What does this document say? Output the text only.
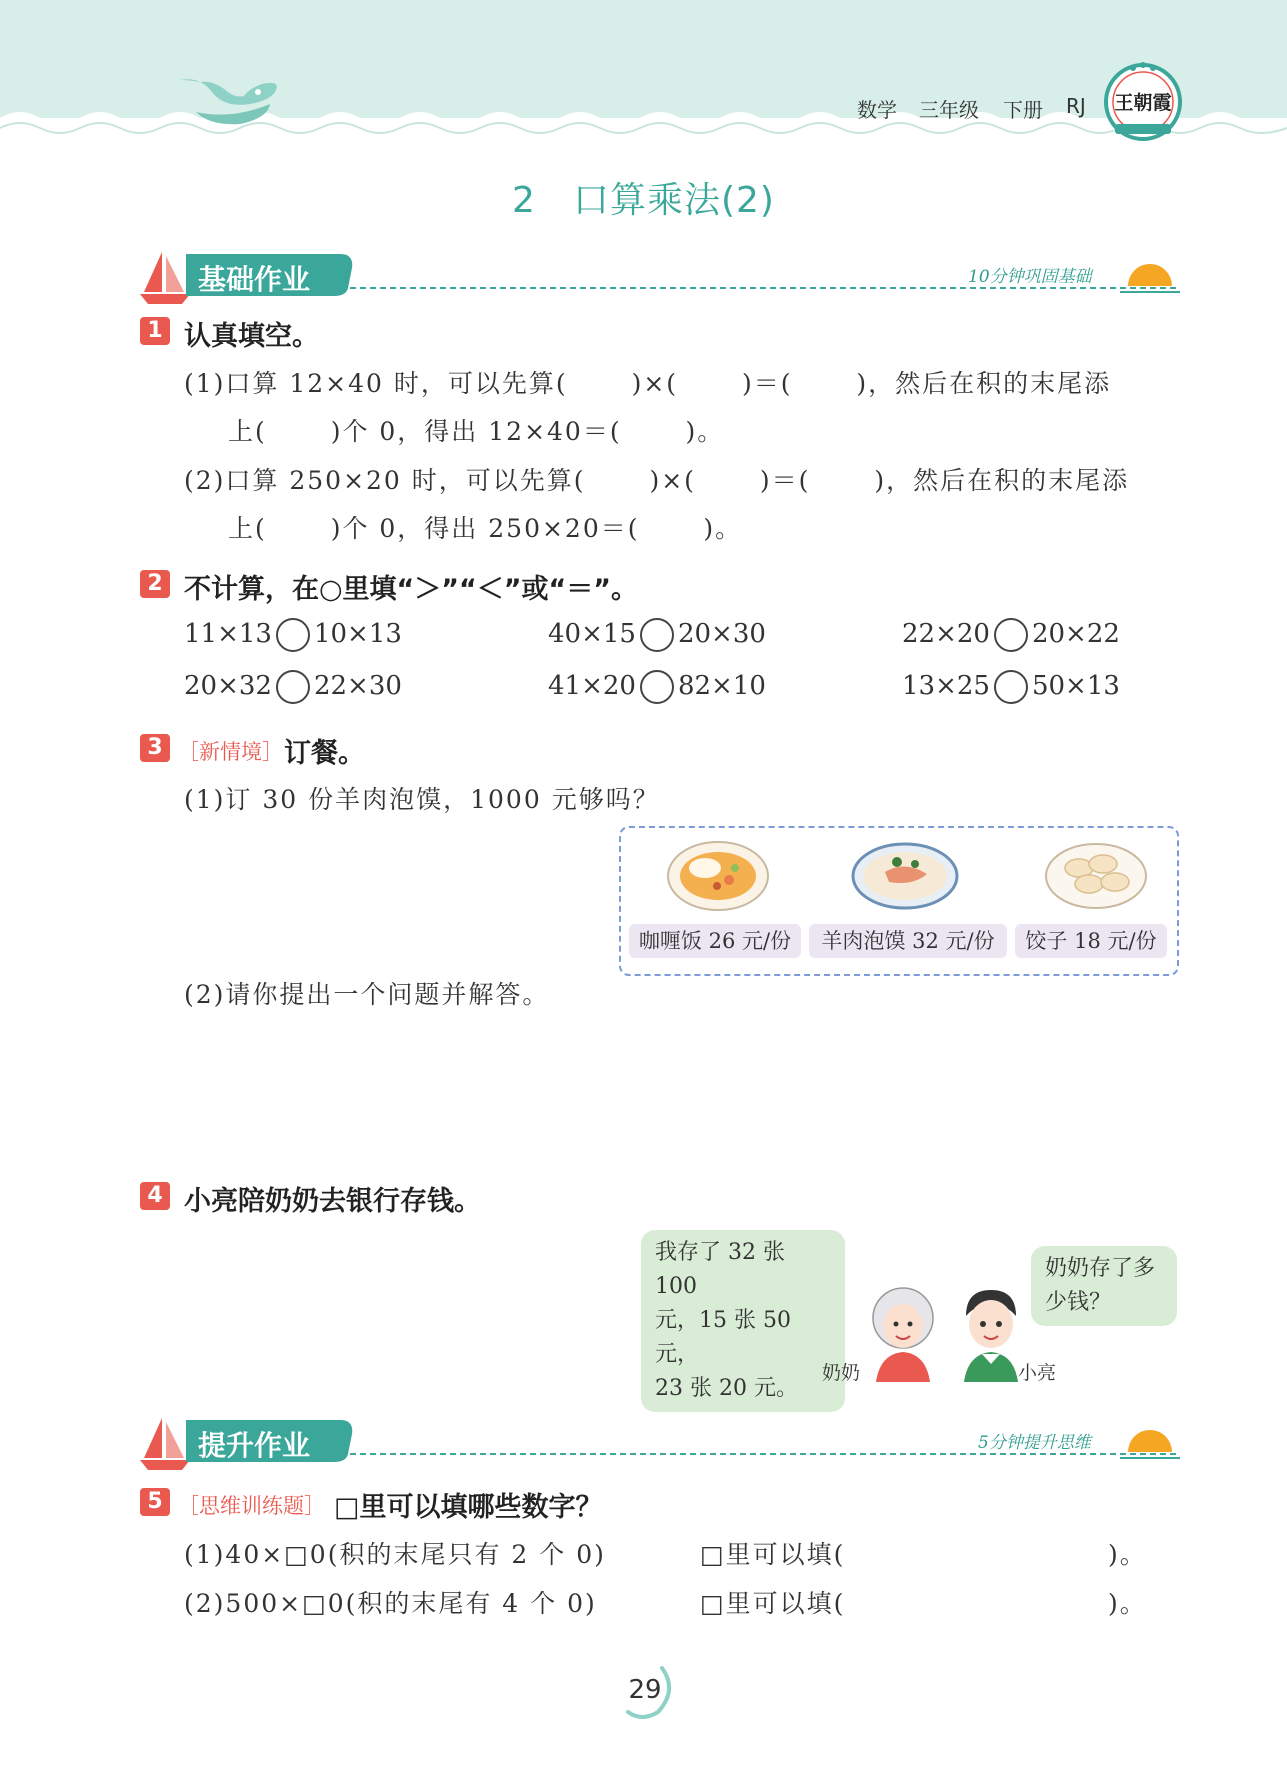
数学 三年级 下册 RJ 王朝霞
2　口算乘法(2)
基础作业	10分钟巩固基础
1 认真填空。
(1)口算 12×40 时，可以先算(　　 )×(　　 )＝(　　 )，然后在积的末尾添
上(　　 )个 0，得出 12×40＝(　　 )。
(2)口算 250×20 时，可以先算(　　 )×(　　 )＝(　　 )，然后在积的末尾添
上(　　 )个 0，得出 250×20＝(　　 )。
2 不计算，在○里填“＞”“＜”或“＝”。
11×13 10×13	40×15 20×30	22×20 20×22
20×32 22×30	41×20 82×10	13×25 50×13
3 ［新情境］ 订餐。
(1)订 30 份羊肉泡馍，1000 元够吗？
咖喱饭 26 元/份	羊肉泡馍 32 元/份	饺子 18 元/份
(2)请你提出一个问题并解答。
4 小亮陪奶奶去银行存钱。
我存了 32 张 100
元，15 张 50 元，
23 张 20 元。
奶奶存了多
少钱？
奶奶	小亮
提升作业	5分钟提升思维
5 ［思维训练题］ □里可以填哪些数字？
(1)40×□0(积的末尾只有 2 个 0)	□里可以填(	)。
(2)500×□0(积的末尾有 4 个 0)	□里可以填(	)。
29
